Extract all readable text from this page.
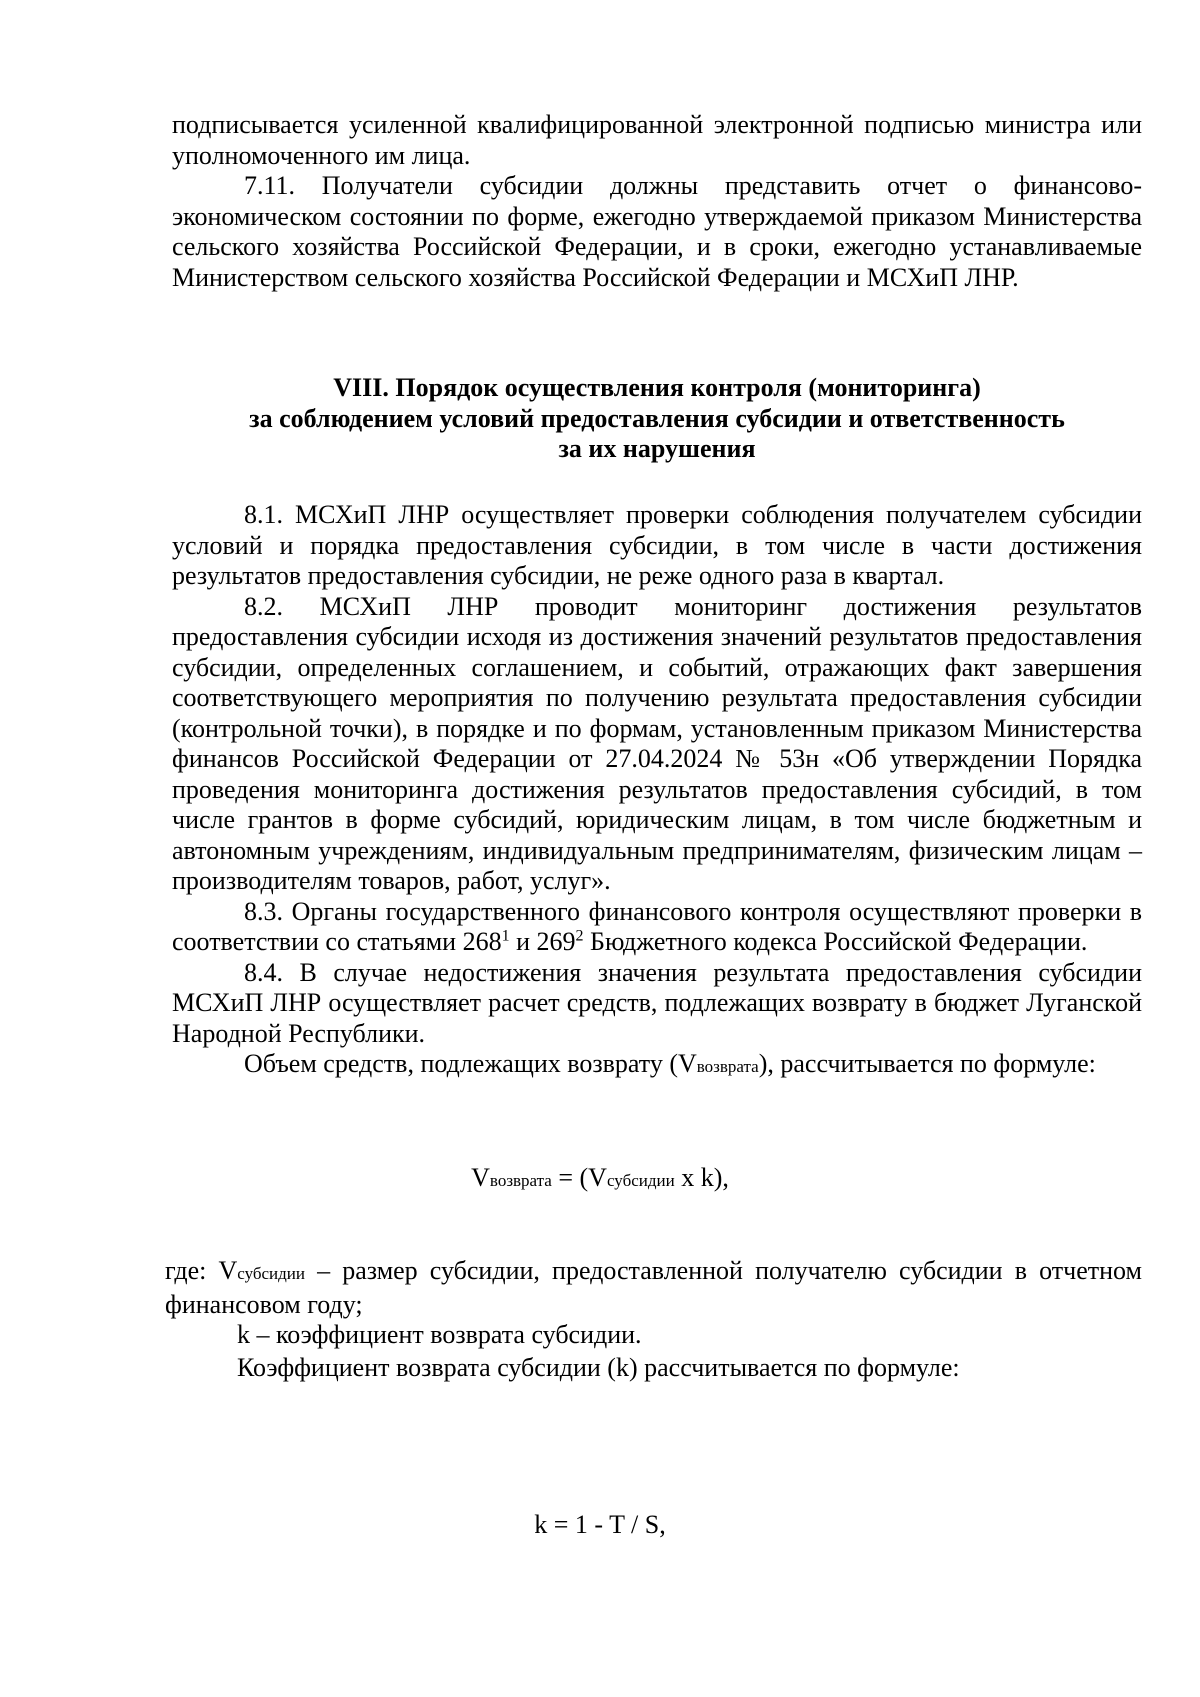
подписывается усиленной квалифицированной электронной подписью министра или уполномоченного им лица.

7.11. Получатели субсидии должны представить отчет о финансово-экономическом состоянии по форме, ежегодно утверждаемой приказом Министерства сельского хозяйства Российской Федерации, и в сроки, ежегодно устанавливаемые Министерством сельского хозяйства Российской Федерации и МСХиП ЛНР.

VIII. Порядок осуществления контроля (мониторинга)
за соблюдением условий предоставления субсидии и ответственность
за их нарушения

8.1. МСХиП ЛНР осуществляет проверки соблюдения получателем субсидии условий и порядка предоставления субсидии, в том числе в части достижения результатов предоставления субсидии, не реже одного раза в квартал.

8.2. МСХиП ЛНР проводит мониторинг достижения результатов предоставления субсидии исходя из достижения значений результатов предоставления субсидии, определенных соглашением, и событий, отражающих факт завершения соответствующего мероприятия по получению результата предоставления субсидии (контрольной точки), в порядке и по формам, установленным приказом Министерства финансов Российской Федерации от 27.04.2024 № 53н «Об утверждении Порядка проведения мониторинга достижения результатов предоставления субсидий, в том числе грантов в форме субсидий, юридическим лицам, в том числе бюджетным и автономным учреждениям, индивидуальным предпринимателям, физическим лицам – производителям товаров, работ, услуг».

8.3. Органы государственного финансового контроля осуществляют проверки в соответствии со статьями $268^1$ и $269^2$ Бюджетного кодекса Российской Федерации.

8.4. В случае недостижения значения результата предоставления субсидии МСХиП ЛНР осуществляет расчет средств, подлежащих возврату в бюджет Луганской Народной Республики.

Объем средств, подлежащих возврату (Vвозврата), рассчитывается по формуле:

Vвозврата = (Vсубсидии x k),

где: Vсубсидии – размер субсидии, предоставленной получателю субсидии в отчетном финансовом году;

k – коэффициент возврата субсидии.

Коэффициент возврата субсидии (k) рассчитывается по формуле:

k = 1 - T / S,
